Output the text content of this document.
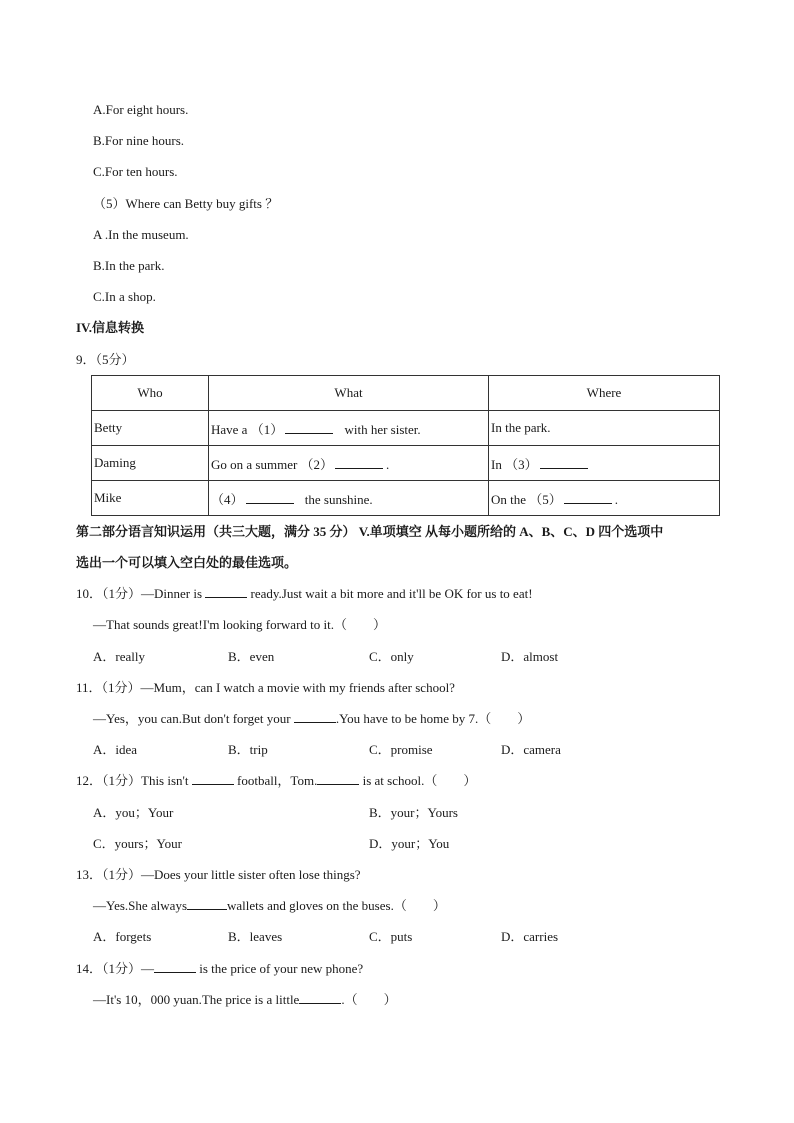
A.For eight hours.
B.For nine hours.
C.For ten hours.
（5）Where can Betty buy gifts ？
A .In the museum.
B.In the park.
C.In a shop.
IV.信息转换
9．（5分）
Who	What	Where
Betty	Have a （1） with her sister.	In the park.
Daming	Go on a summer （2） .	In （3）
Mike	（4） the sunshine.	On the （5） .
第二部分语言知识运用（共三大题，满分 35 分） V.单项填空 从每小题所给的 A、B、C、D 四个选项中
选出一个可以填入空白处的最佳选项。
10．（1分）—Dinner is	ready.Just wait a bit more and it'll be OK for us to eat!
—That sounds great!I'm looking forward to it.（　　）
A．really	B．even	C．only	D．almost
11．（1分）—Mum，can I watch a movie with my friends after school?
—Yes，you can.But don't forget your	.You have to be home by 7.（　　）
A．idea	B．trip	C．promise	D．camera
12．（1分）This isn't	football，Tom.	is at school.（　　）
A．you；Your	B．your；Yours
C．yours；Your	D．your；You
13．（1分）—Does your little sister often lose things?
—Yes.She always	wallets and gloves on the buses.（　　）
A．forgets	B．leaves	C．puts	D．carries
14．（1分）—	is the price of your new phone?
—It's 10，000 yuan.The price is a little	.（　　）
